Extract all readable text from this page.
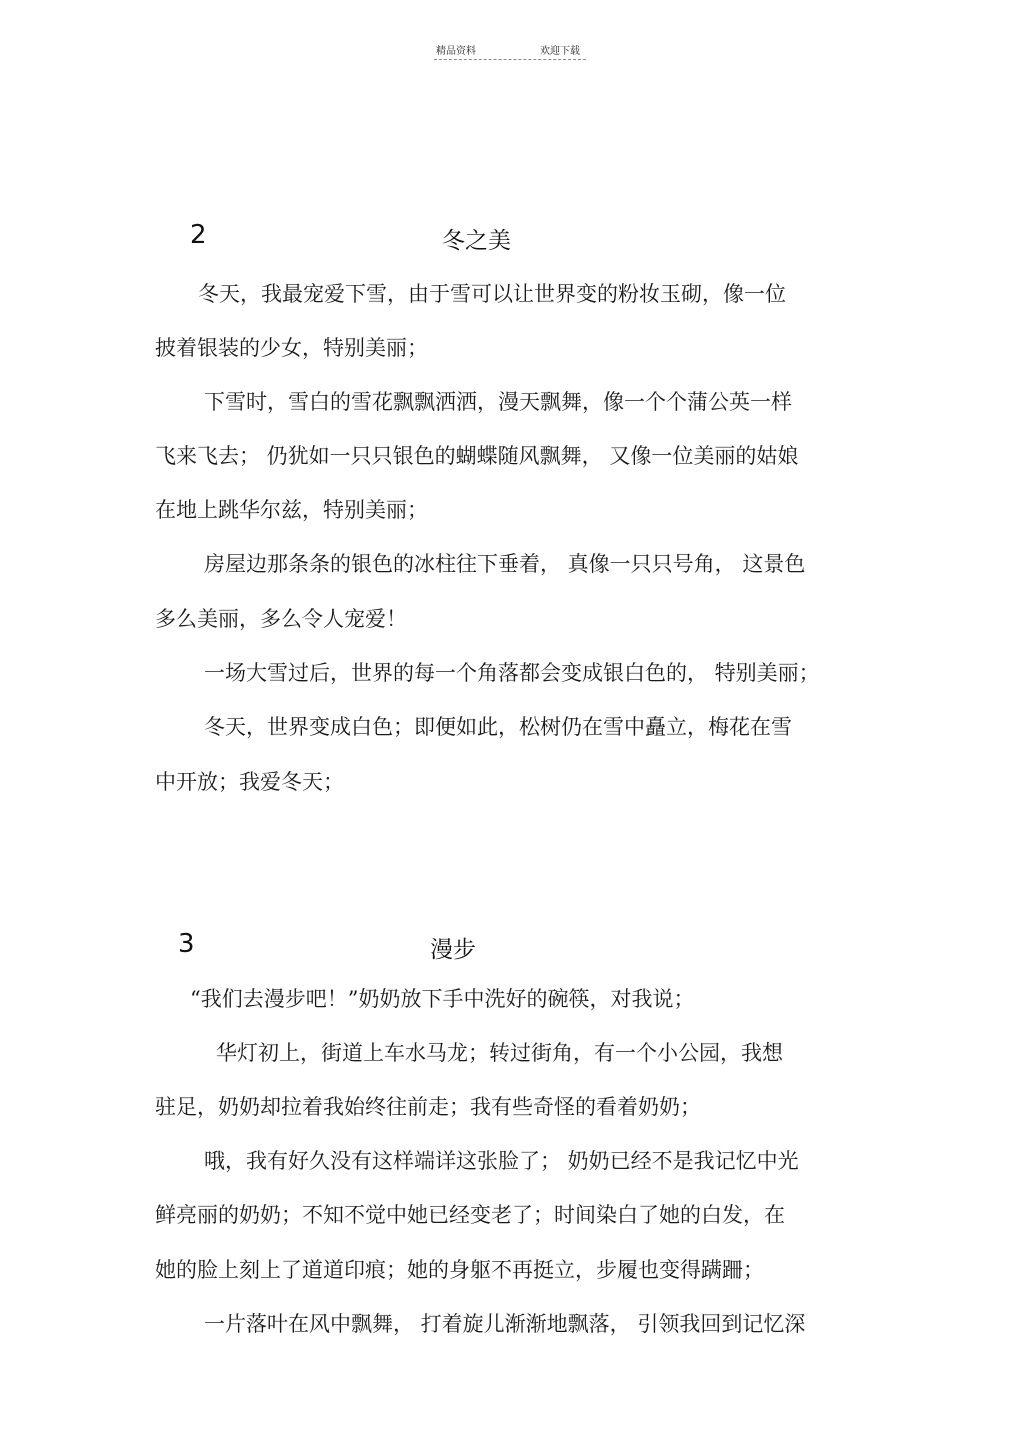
精品资料	欢迎下载
2	冬之美
冬天，我最宠爱下雪，由于雪可以让世界变的粉妆玉砌，像一位
披着银装的少女，特别美丽；
下雪时，雪白的雪花飘飘洒洒，漫天飘舞，像一个个蒲公英一样
飞来飞去； 仍犹如一只只银色的蝴蝶随风飘舞， 又像一位美丽的姑娘
在地上跳华尔兹，特别美丽；
房屋边那条条的银色的冰柱往下垂着， 真像一只只号角， 这景色
多么美丽，多么令人宠爱！
一场大雪过后，世界的每一个角落都会变成银白色的， 特别美丽；
冬天，世界变成白色；即便如此，松树仍在雪中矗立，梅花在雪
中开放；我爱冬天；
3	漫步
“我们去漫步吧！”奶奶放下手中洗好的碗筷，对我说；
华灯初上，街道上车水马龙；转过街角，有一个小公园，我想
驻足，奶奶却拉着我始终往前走；我有些奇怪的看着奶奶；
哦，我有好久没有这样端详这张脸了； 奶奶已经不是我记忆中光
鲜亮丽的奶奶；不知不觉中她已经变老了；时间染白了她的白发，在
她的脸上刻上了道道印痕；她的身躯不再挺立，步履也变得蹒跚；
一片落叶在风中飘舞， 打着旋儿渐渐地飘落， 引领我回到记忆深
